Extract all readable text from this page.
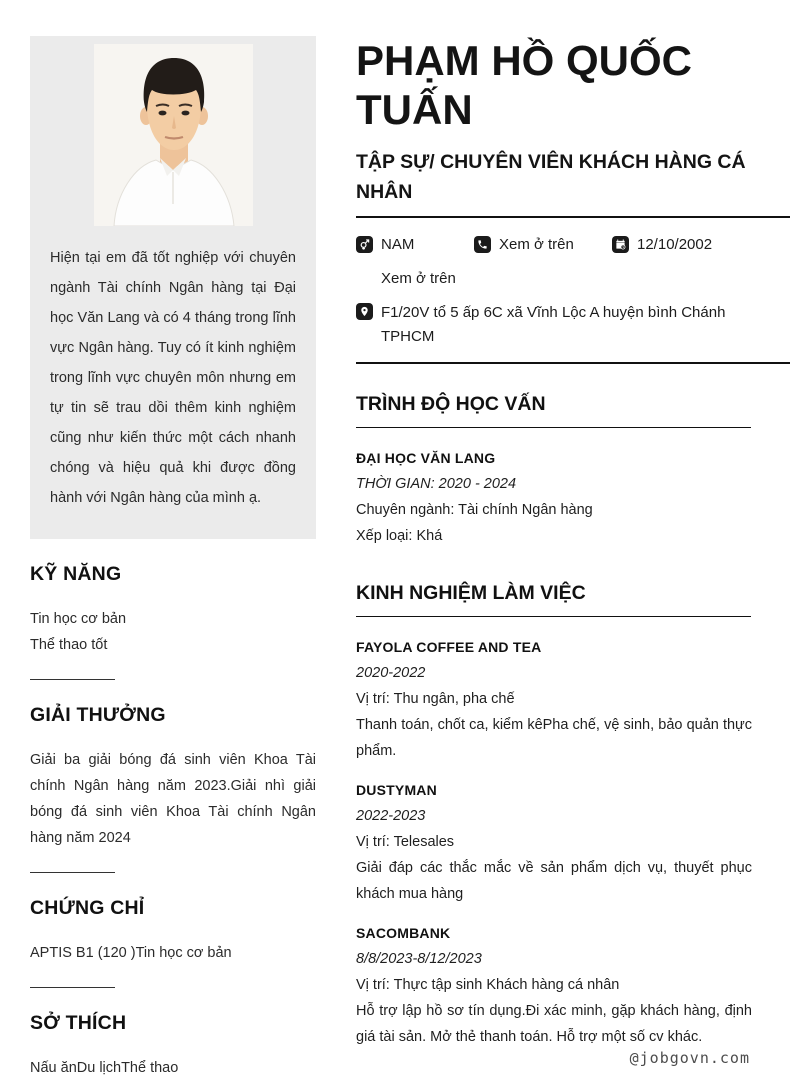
Hiện tại em đã tốt nghiệp với chuyên ngành Tài chính Ngân hàng tại Đại học Văn Lang và có 4 tháng trong lĩnh vực Ngân hàng. Tuy có ít kinh nghiệm trong lĩnh vực chuyên môn nhưng em tự tin sẽ trau dồi thêm kinh nghiệm cũng như kiến thức một cách nhanh chóng và hiệu quả khi được đồng hành với Ngân hàng của mình ạ.

KỸ NĂNG
Tin học cơ bản
Thể thao tốt
GIẢI THƯỞNG
Giải ba giải bóng đá sinh viên Khoa Tài chính Ngân hàng năm 2023.Giải nhì giải bóng đá sinh viên Khoa Tài chính Ngân hàng năm 2024
CHỨNG CHỈ
APTIS B1 (120 )Tin học cơ bản
SỞ THÍCH
Nấu ănDu lịchThể thao
PHẠM HỒ QUỐC TUẤN
TẬP SỰ/ CHUYÊN VIÊN KHÁCH HÀNG CÁ NHÂN
NAM	Xem ở trên	12/10/2002
Xem ở trên
F1/20V tổ 5 ấp 6C xã Vĩnh Lộc A huyện bình Chánh TPHCM
TRÌNH ĐỘ HỌC VẤN
ĐẠI HỌC VĂN LANG
THỜI GIAN: 2020 - 2024
Chuyên ngành: Tài chính Ngân hàng
Xếp loại: Khá
KINH NGHIỆM LÀM VIỆC
FAYOLA COFFEE AND TEA
2020-2022
Vị trí: Thu ngân, pha chế
Thanh toán, chốt ca, kiểm kêPha chế, vệ sinh, bảo quản thực phẩm.
DUSTYMAN
2022-2023
Vị trí: Telesales
Giải đáp các thắc mắc về sản phẩm dịch vụ, thuyết phục khách mua hàng
SACOMBANK
8/8/2023-8/12/2023
Vị trí: Thực tập sinh Khách hàng cá nhân
Hỗ trợ lập hồ sơ tín dụng.Đi xác minh, gặp khách hàng, định giá tài sản. Mở thẻ thanh toán. Hỗ trợ một số cv khác.
@jobgovn.com
